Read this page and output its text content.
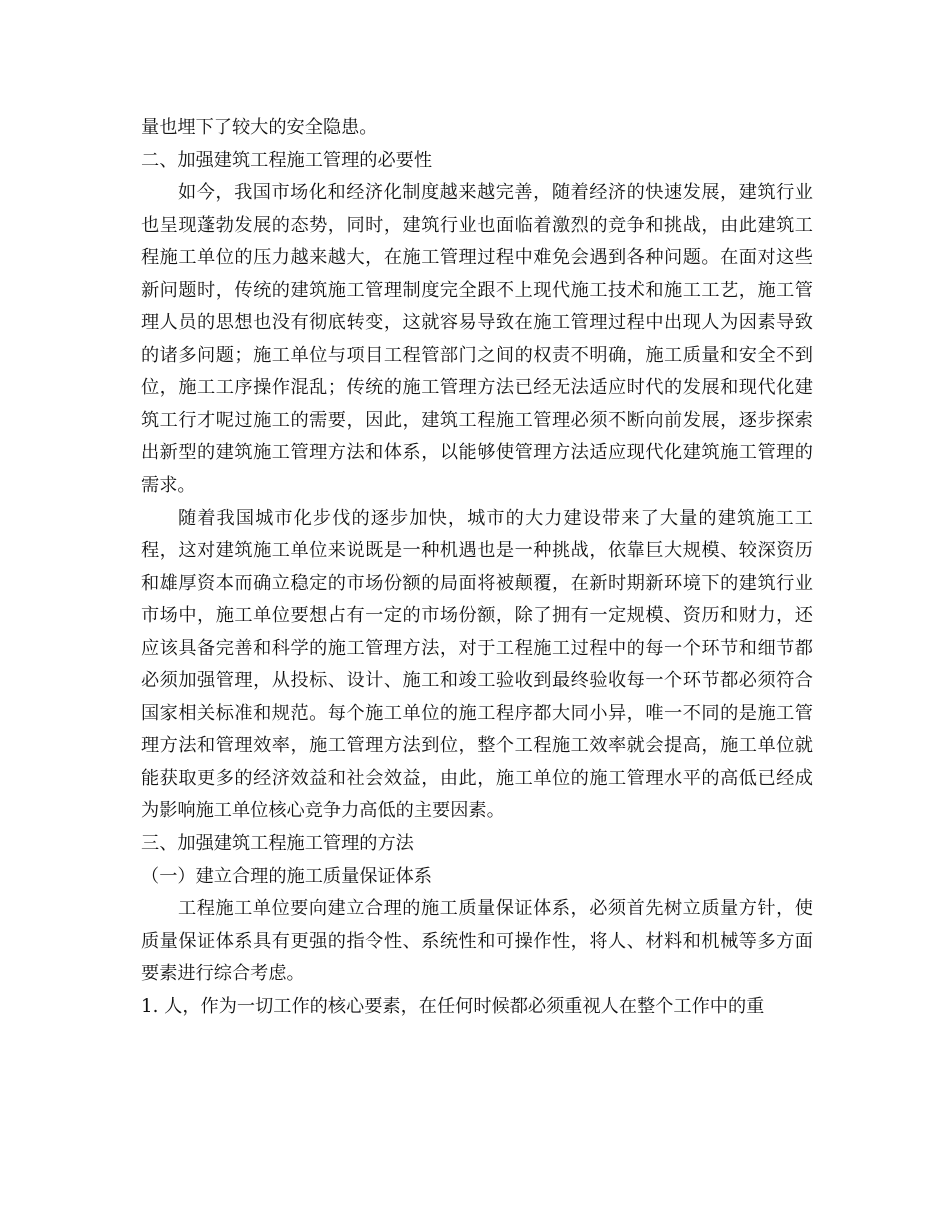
量也埋下了较大的安全隐患。

二、加强建筑工程施工管理的必要性

如今，我国市场化和经济化制度越来越完善，随着经济的快速发展，建筑行业也呈现蓬勃发展的态势，同时，建筑行业也面临着激烈的竞争和挑战，由此建筑工程施工单位的压力越来越大，在施工管理过程中难免会遇到各种问题。在面对这些新问题时，传统的建筑施工管理制度完全跟不上现代施工技术和施工工艺，施工管理人员的思想也没有彻底转变，这就容易导致在施工管理过程中出现人为因素导致的诸多问题；施工单位与项目工程管部门之间的权责不明确，施工质量和安全不到位，施工工序操作混乱；传统的施工管理方法已经无法适应时代的发展和现代化建筑工行才呢过施工的需要，因此，建筑工程施工管理必须不断向前发展，逐步探索出新型的建筑施工管理方法和体系，以能够使管理方法适应现代化建筑施工管理的需求。

随着我国城市化步伐的逐步加快，城市的大力建设带来了大量的建筑施工工程，这对建筑施工单位来说既是一种机遇也是一种挑战，依靠巨大规模、较深资历和雄厚资本而确立稳定的市场份额的局面将被颠覆，在新时期新环境下的建筑行业市场中，施工单位要想占有一定的市场份额，除了拥有一定规模、资历和财力，还应该具备完善和科学的施工管理方法，对于工程施工过程中的每一个环节和细节都必须加强管理，从投标、设计、施工和竣工验收到最终验收每一个环节都必须符合国家相关标准和规范。每个施工单位的施工程序都大同小异，唯一不同的是施工管理方法和管理效率，施工管理方法到位，整个工程施工效率就会提高，施工单位就能获取更多的经济效益和社会效益，由此，施工单位的施工管理水平的高低已经成为影响施工单位核心竞争力高低的主要因素。

三、加强建筑工程施工管理的方法

（一）建立合理的施工质量保证体系

工程施工单位要向建立合理的施工质量保证体系，必须首先树立质量方针，使质量保证体系具有更强的指令性、系统性和可操作性，将人、材料和机械等多方面要素进行综合考虑。

1. 人，作为一切工作的核心要素，在任何时候都必须重视人在整个工作中的重
